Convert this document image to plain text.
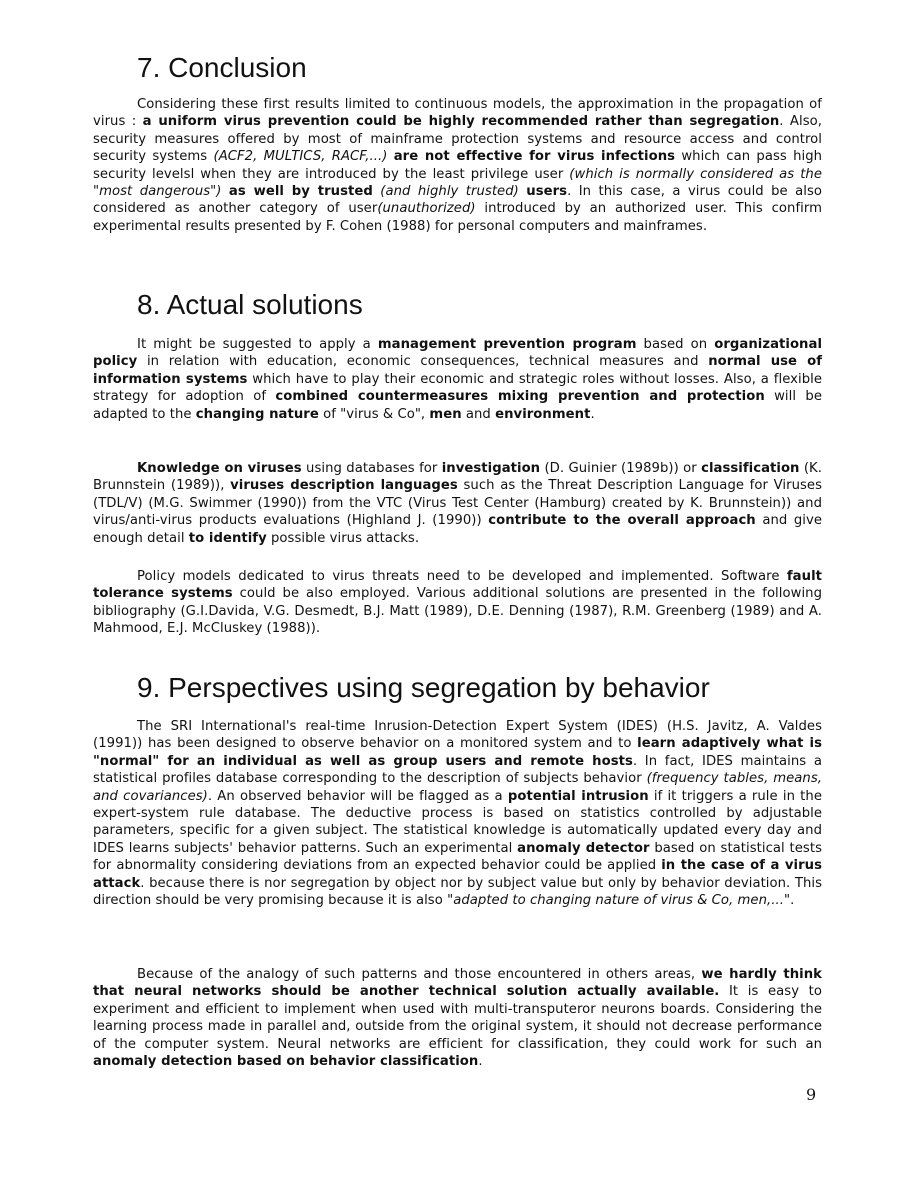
7. Conclusion

Considering these first results limited to continuous models, the approximation in the propagation of virus : a uniform virus prevention could be highly recommended rather than segregation. Also, security measures offered by most of mainframe protection systems and resource access and control security systems (ACF2, MULTICS, RACF,...) are not effective for virus infections which can pass high security levelsl when they are introduced by the least privilege user (which is normally considered as the "most dangerous") as well by trusted (and highly trusted) users. In this case, a virus could be also considered as another category of user(unauthorized) introduced by an authorized user. This confirm experimental results presented by F. Cohen (1988) for personal computers and mainframes.

8. Actual solutions

It might be suggested to apply a management prevention program based on organizational policy in relation with education, economic consequences, technical measures and normal use of information systems which have to play their economic and strategic roles without losses. Also, a flexible strategy for adoption of combined countermeasures mixing prevention and protection will be adapted to the changing nature of "virus & Co", men and environment.

Knowledge on viruses using databases for investigation (D. Guinier (1989b)) or classification (K. Brunnstein (1989)), viruses description languages such as the Threat Description Language for Viruses (TDL/V) (M.G. Swimmer (1990)) from the VTC (Virus Test Center (Hamburg) created by K. Brunnstein)) and virus/anti-virus products evaluations (Highland J. (1990)) contribute to the overall approach and give enough detail to identify possible virus attacks.

Policy models dedicated to virus threats need to be developed and implemented. Software fault tolerance systems could be also employed. Various additional solutions are presented in the following bibliography (G.I.Davida, V.G. Desmedt, B.J. Matt (1989), D.E. Denning (1987), R.M. Greenberg (1989) and A. Mahmood, E.J. McCluskey (1988)).

9. Perspectives using segregation by behavior

The SRI International's real-time Inrusion-Detection Expert System (IDES) (H.S. Javitz, A. Valdes (1991)) has been designed to observe behavior on a monitored system and to learn adaptively what is "normal" for an individual as well as group users and remote hosts. In fact, IDES maintains a statistical profiles database corresponding to the description of subjects behavior (frequency tables, means, and covariances). An observed behavior will be flagged as a potential intrusion if it triggers a rule in the expert-system rule database. The deductive process is based on statistics controlled by adjustable parameters, specific for a given subject. The statistical knowledge is automatically updated every day and IDES learns subjects' behavior patterns. Such an experimental anomaly detector based on statistical tests for abnormality considering deviations from an expected behavior could be applied in the case of a virus attack. because there is nor segregation by object nor by subject value but only by behavior deviation. This direction should be very promising because it is also "adapted to changing nature of virus & Co, men,...".

Because of the analogy of such patterns and those encountered in others areas, we hardly think that neural networks should be another technical solution actually available. It is easy to experiment and efficient to implement when used with multi-transputeror neurons boards. Considering the learning process made in parallel and, outside from the original system, it should not decrease performance of the computer system. Neural networks are efficient for classification, they could work for such an anomaly detection based on behavior classification.

9
